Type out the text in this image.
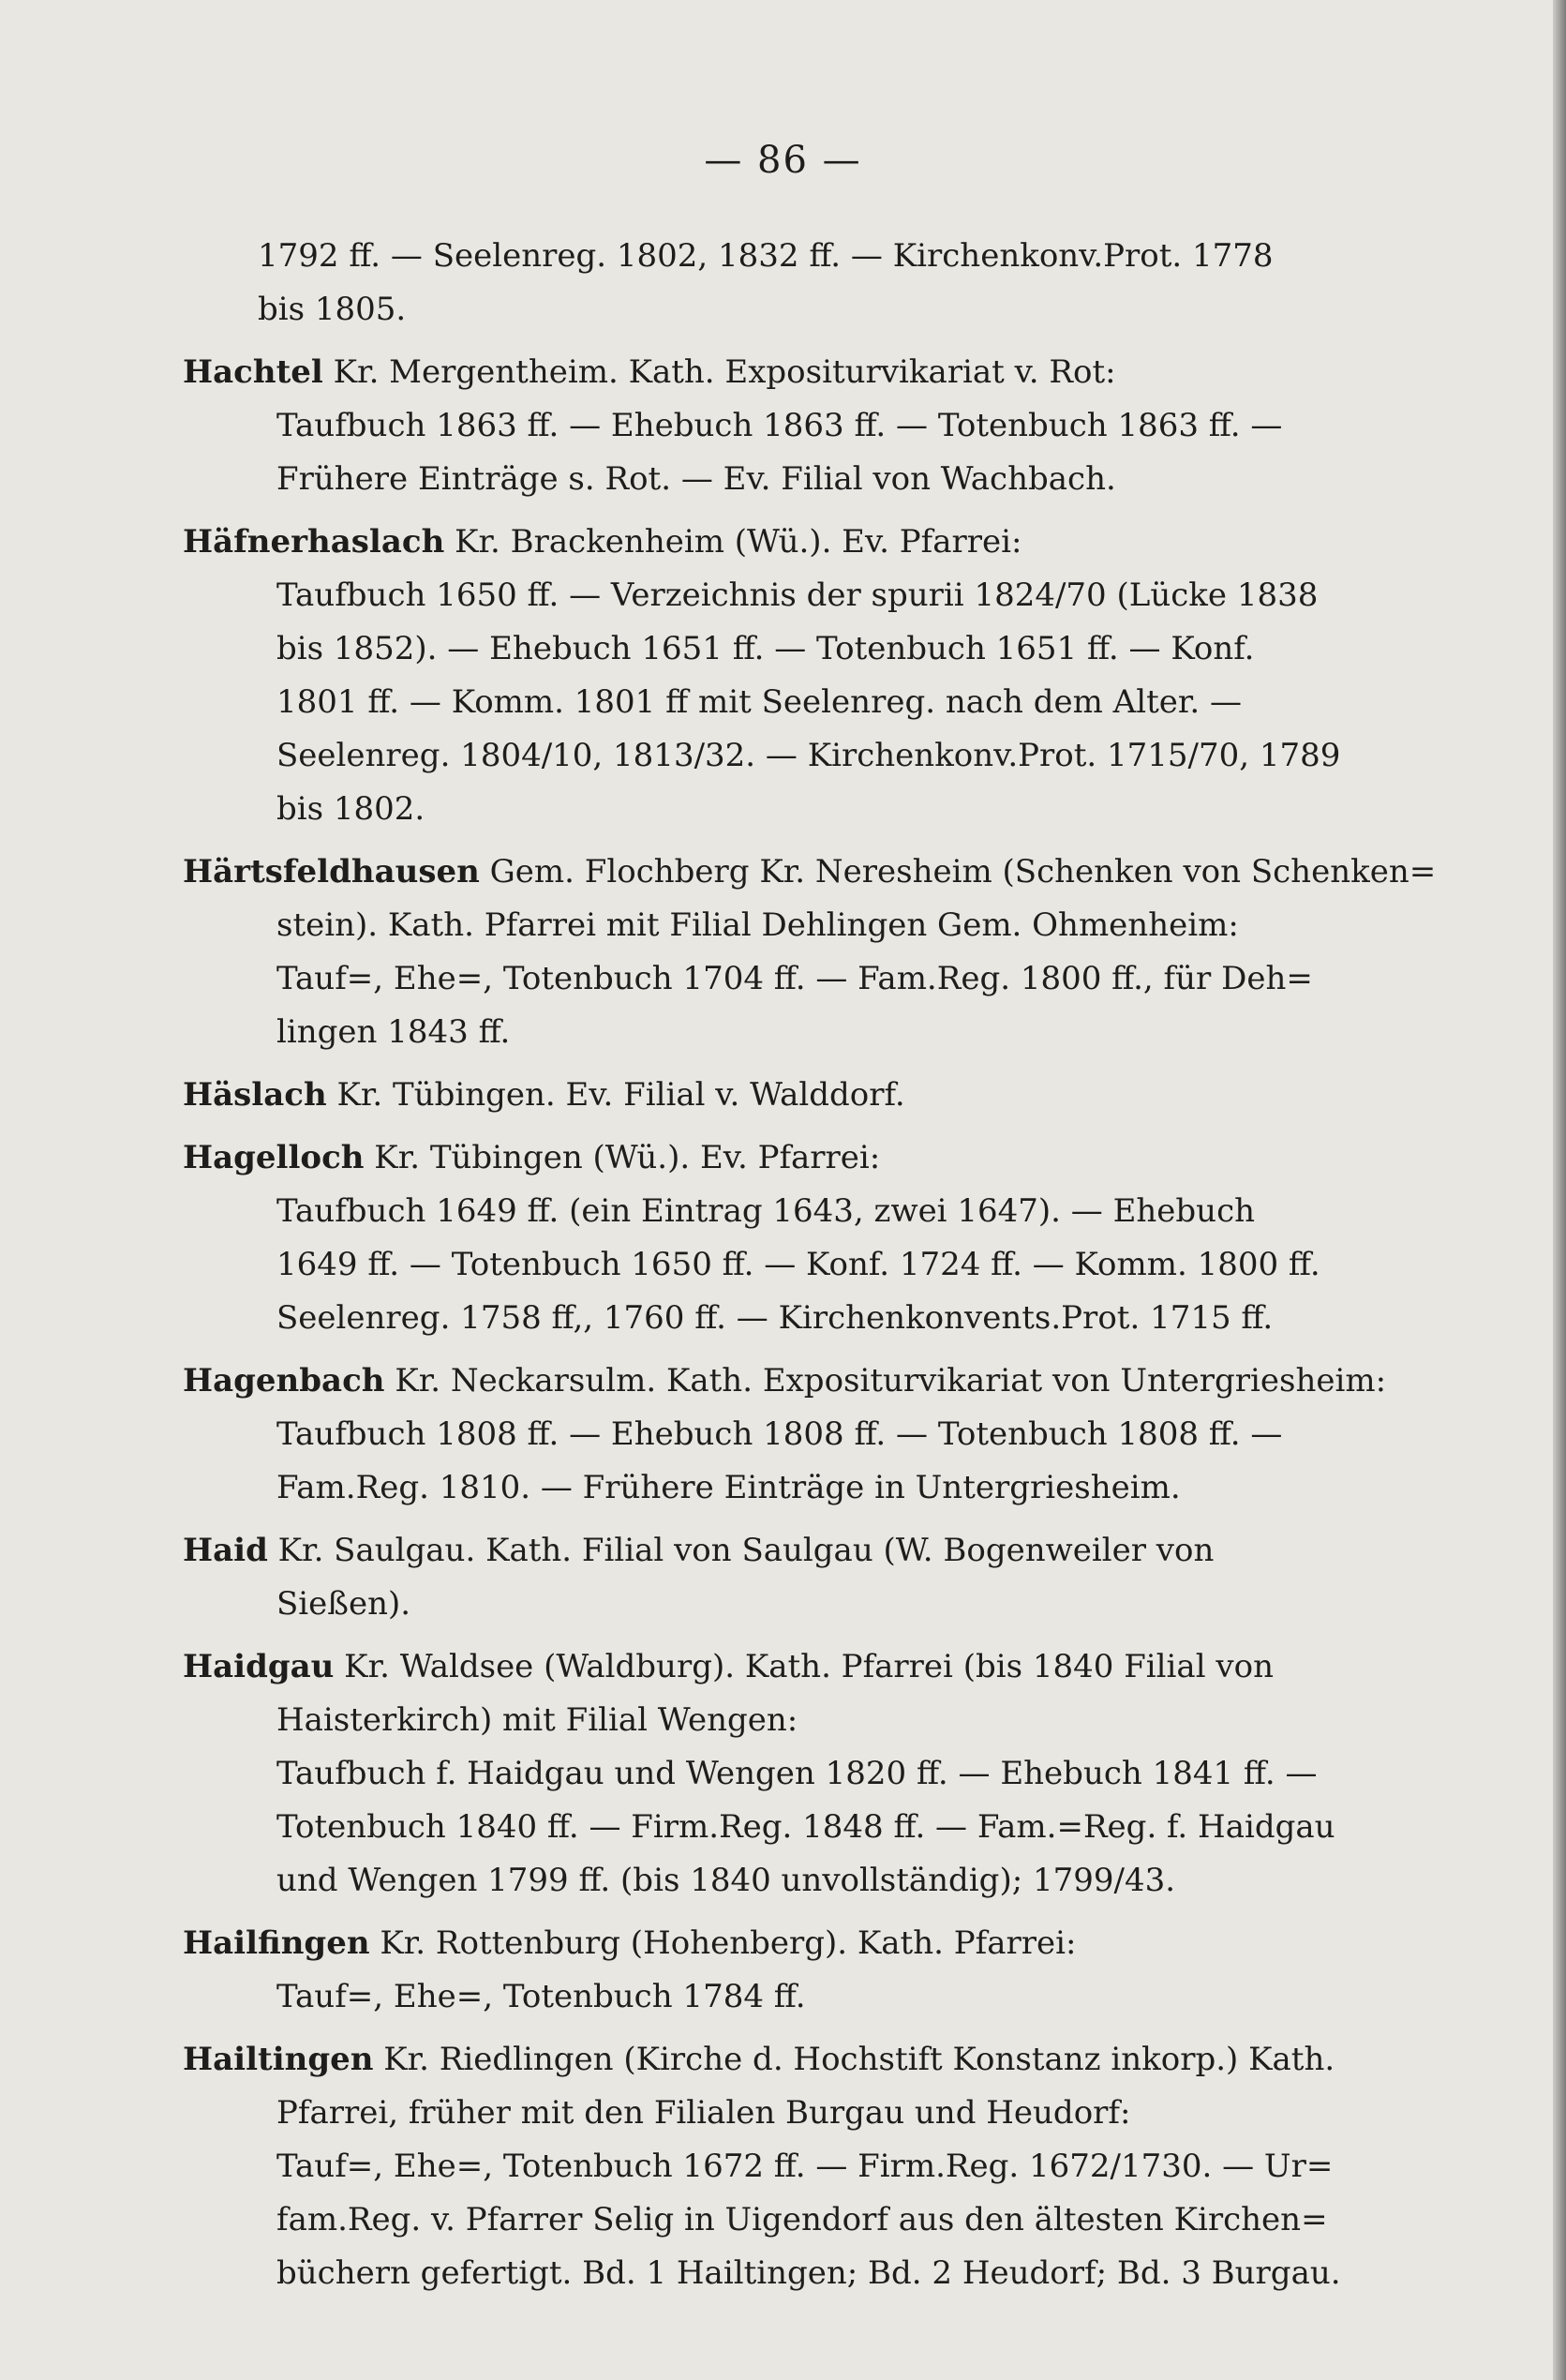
— 86 —
1792 ff. — Seelenreg. 1802, 1832 ff. — Kirchenkonv.Prot. 1778
bis 1805.
Hachtel Kr. Mergentheim. Kath. Expositurvikariat v. Rot:
Taufbuch 1863 ff. — Ehebuch 1863 ff. — Totenbuch 1863 ff. —
Frühere Einträge s. Rot. — Ev. Filial von Wachbach.
Häfnerhaslach Kr. Brackenheim (Wü.). Ev. Pfarrei:
Taufbuch 1650 ff. — Verzeichnis der spurii 1824/70 (Lücke 1838
bis 1852). — Ehebuch 1651 ff. — Totenbuch 1651 ff. — Konf.
1801 ff. — Komm. 1801 ff mit Seelenreg. nach dem Alter. —
Seelenreg. 1804/10, 1813/32. — Kirchenkonv.Prot. 1715/70, 1789
bis 1802.
Härtsfeldhausen Gem. Flochberg Kr. Neresheim (Schenken von Schenken=
stein). Kath. Pfarrei mit Filial Dehlingen Gem. Ohmenheim:
Tauf=, Ehe=, Totenbuch 1704 ff. — Fam.Reg. 1800 ff., für Deh=
lingen 1843 ff.
Häslach Kr. Tübingen. Ev. Filial v. Walddorf.
Hagelloch Kr. Tübingen (Wü.). Ev. Pfarrei:
Taufbuch 1649 ff. (ein Eintrag 1643, zwei 1647). — Ehebuch
1649 ff. — Totenbuch 1650 ff. — Konf. 1724 ff. — Komm. 1800 ff.
Seelenreg. 1758 ff,, 1760 ff. — Kirchenkonvents.Prot. 1715 ff.
Hagenbach Kr. Neckarsulm. Kath. Expositurvikariat von Untergriesheim:
Taufbuch 1808 ff. — Ehebuch 1808 ff. — Totenbuch 1808 ff. —
Fam.Reg. 1810. — Frühere Einträge in Untergriesheim.
Haid Kr. Saulgau. Kath. Filial von Saulgau (W. Bogenweiler von
Sießen).
Haidgau Kr. Waldsee (Waldburg). Kath. Pfarrei (bis 1840 Filial von
Haisterkirch) mit Filial Wengen:
Taufbuch f. Haidgau und Wengen 1820 ff. — Ehebuch 1841 ff. —
Totenbuch 1840 ff. — Firm.Reg. 1848 ff. — Fam.=Reg. f. Haidgau
und Wengen 1799 ff. (bis 1840 unvollständig); 1799/43.
Hailfingen Kr. Rottenburg (Hohenberg). Kath. Pfarrei:
Tauf=, Ehe=, Totenbuch 1784 ff.
Hailtingen Kr. Riedlingen (Kirche d. Hochstift Konstanz inkorp.) Kath.
Pfarrei, früher mit den Filialen Burgau und Heudorf:
Tauf=, Ehe=, Totenbuch 1672 ff. — Firm.Reg. 1672/1730. — Ur=
fam.Reg. v. Pfarrer Selig in Uigendorf aus den ältesten Kirchen=
büchern gefertigt. Bd. 1 Hailtingen; Bd. 2 Heudorf; Bd. 3 Burgau.
